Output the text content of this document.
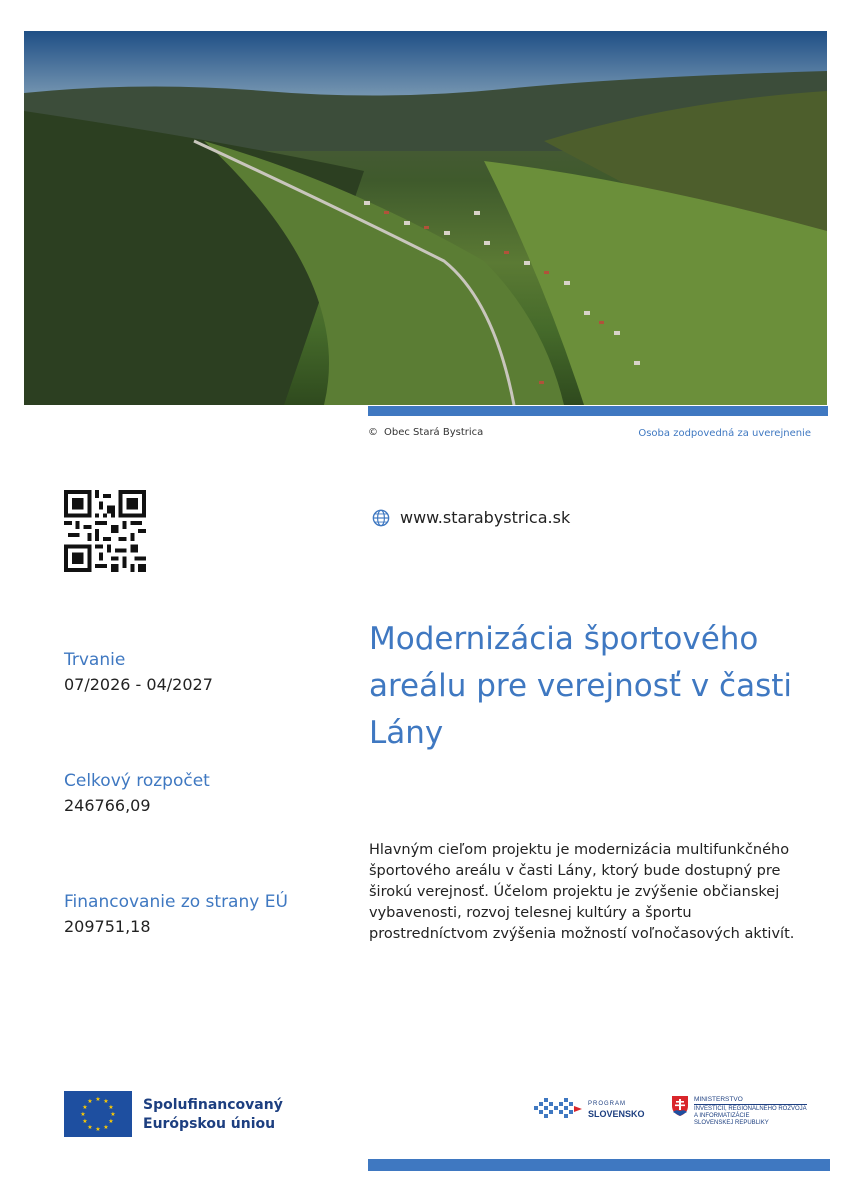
© Obec Stará Bystrica	Osoba zodpovedná za uverejnenie
www.starabystrica.sk
Modernizácia športového areálu pre verejnosť v časti Lány

Hlavným cieľom projektu je modernizácia multifunkčného športového areálu v časti Lány, ktorý bude dostupný pre širokú verejnosť. Účelom projektu je zvýšenie občianskej vybavenosti, rozvoj telesnej kultúry a športu prostredníctvom zvýšenia možností voľnočasových aktivít.

Trvanie
07/2026 - 04/2027
Celkový rozpočet
246766,09
Financovanie zo strany EÚ
209751,18
★ ★
★
★
★
★
★
★
★
★
★
★	Spolufinancovaný
Európskou úniou
PROGRAM
SLOVENSKO
MINISTERSTVO
INVESTÍCIÍ, REGIONÁLNEHO ROZVOJA
A INFORMATIZÁCIE
SLOVENSKEJ REPUBLIKY
